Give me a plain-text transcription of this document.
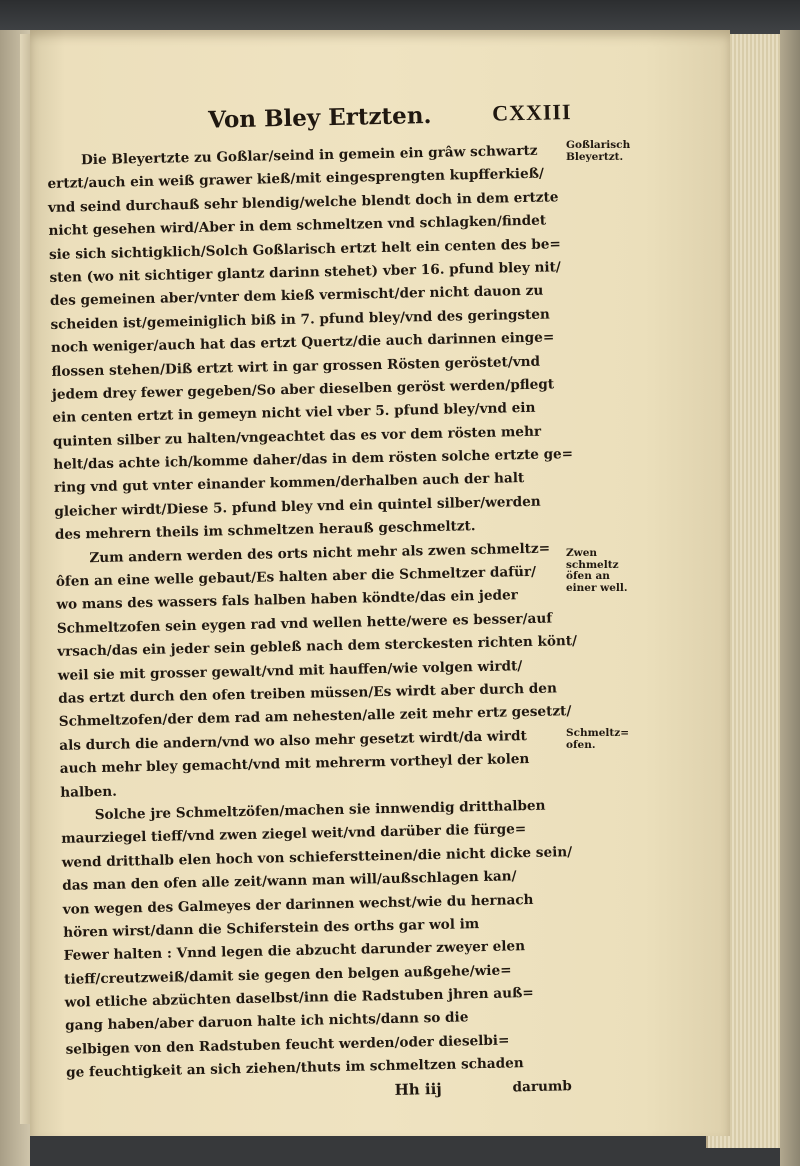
Von Bley Ertzten.	CXXIII
Die Bleyertzte zu Goßlar/seind in gemein ein grâw schwartz
ertzt/auch ein weiß grawer kieß/mit eingesprengten kupfferkieß/
vnd seind durchauß sehr blendig/welche blendt doch in dem ertzte
nicht gesehen wird/Aber in dem schmeltzen vnd schlagken/findet
sie sich sichtigklich/Solch Goßlarisch ertzt helt ein centen des be=
sten (wo nit sichtiger glantz darinn stehet) vber 16. pfund bley nit/
des gemeinen aber/vnter dem kieß vermischt/der nicht dauon zu
scheiden ist/gemeiniglich biß in 7. pfund bley/vnd des geringsten
noch weniger/auch hat das ertzt Quertz/die auch darinnen einge=
flossen stehen/Diß ertzt wirt in gar grossen Rösten geröstet/vnd
jedem drey fewer gegeben/So aber dieselben geröst werden/pflegt
ein centen ertzt in gemeyn nicht viel vber 5. pfund bley/vnd ein
quinten silber zu halten/vngeachtet das es vor dem rösten mehr
helt/das achte ich/komme daher/das in dem rösten solche ertzte ge=
ring vnd gut vnter einander kommen/derhalben auch der halt
gleicher wirdt/Diese 5. pfund bley vnd ein quintel silber/werden
des mehrern theils im schmeltzen herauß geschmeltzt.
Zum andern werden des orts nicht mehr als zwen schmeltz=
ôfen an eine welle gebaut/Es halten aber die Schmeltzer dafür/
wo mans des wassers fals halben haben köndte/das ein jeder
Schmeltzofen sein eygen rad vnd wellen hette/were es besser/auf
vrsach/das ein jeder sein gebleß nach dem sterckesten richten könt/
weil sie mit grosser gewalt/vnd mit hauffen/wie volgen wirdt/
das ertzt durch den ofen treiben müssen/Es wirdt aber durch den
Schmeltzofen/der dem rad am nehesten/alle zeit mehr ertz gesetzt/
als durch die andern/vnd wo also mehr gesetzt wirdt/da wirdt
auch mehr bley gemacht/vnd mit mehrerm vortheyl der kolen
halben.
Solche jre Schmeltzöfen/machen sie innwendig dritthalben
maurziegel tieff/vnd zwen ziegel weit/vnd darüber die fürge=
wend dritthalb elen hoch von schieferstteinen/die nicht dicke sein/
das man den ofen alle zeit/wann man will/außschlagen kan/
von wegen des Galmeyes der darinnen wechst/wie du hernach
hören wirst/dann die Schiferstein des orths gar wol im
Fewer halten : Vnnd legen die abzucht darunder zweyer elen
tieff/creutzweiß/damit sie gegen den belgen außgehe/wie=
wol etliche abzüchten daselbst/inn die Radstuben jhren auß=
gang haben/aber daruon halte ich nichts/dann so die
selbigen von den Radstuben feucht werden/oder dieselbi=
ge feuchtigkeit an sich ziehen/thuts im schmeltzen schaden
Hh iij	darumb
Goßlarisch
Bleyertzt.
Zwen
schmeltz
öfen an
einer well.
Schmeltz=
ofen.
